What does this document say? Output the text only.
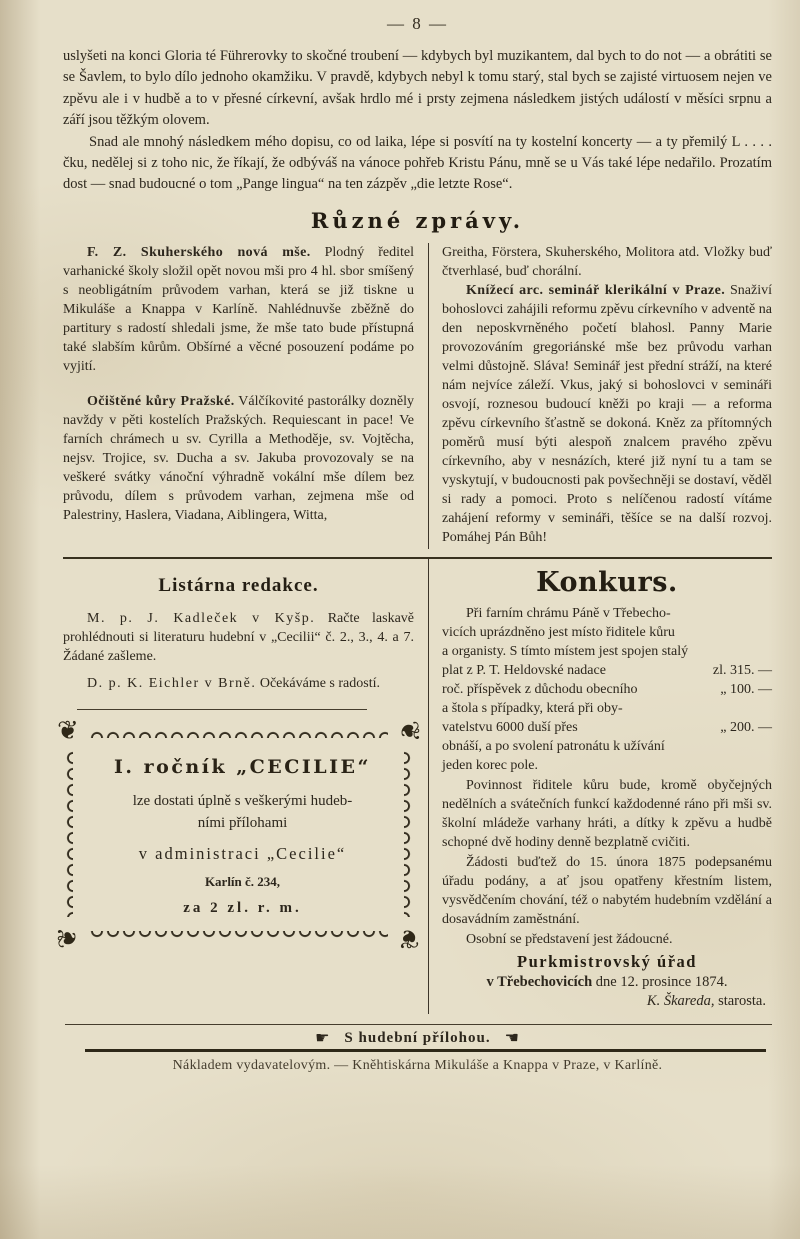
— 8 —

uslyšeti na konci Gloria té Führerovky to skočné troubení — kdybych byl muzikantem, dal bych to do not — a obrátiti se se Šavlem, to bylo dílo jednoho okamžiku. V pravdě, kdybych nebyl k tomu starý, stal bych se zajisté virtuosem nejen ve zpěvu ale i v hudbě a to v přesné církevní, avšak hrdlo mé i prsty zejmena následkem jistých událostí v měsíci srpnu a září jsou těžkým olovem.

Snad ale mnohý následkem mého dopisu, co od laika, lépe si posvítí na ty kostelní koncerty — a ty přemilý L . . . . čku, nedělej si z toho nic, že říkají, že odbýváš na vánoce pohřeb Kristu Pánu, mně se u Vás také lépe nedařilo. Prozatím dost — snad budoucné o tom „Pange lingua“ na ten zázpěv „die letzte Rose“.

Různé zprávy.

F. Z. Skuherského nová mše. Plodný ředitel varhanické školy složil opět novou mši pro 4 hl. sbor smíšený s neobligátním průvodem varhan, která se již tiskne u Mikuláše a Knappa v Karlíně. Nahlédnuvše zběžně do partitury s radostí shledali jsme, že mše tato bude přístupná také slabším kůrům. Obšírné a věcné posouzení podáme po vyjití.

Očištěné kůry Pražské. Válčíkovité pastorálky dozněly navždy v pěti kostelích Pražských. Requiescant in pace! Ve farních chrámech u sv. Cyrilla a Methoděje, sv. Vojtěcha, nejsv. Trojice, sv. Ducha a sv. Jakuba provozovaly se na veškeré svátky vánoční výhradně vokální mše dílem bez průvodu, dílem s průvodem varhan, zejmena mše od Palestriny, Haslera, Viadana, Aiblingera, Witta,

Greitha, Förstera, Skuherského, Molitora atd. Vložky buď čtverhlasé, buď chorální.

Knížecí arc. seminář klerikální v Praze. Snaživí bohoslovci zahájili reformu zpěvu církevního v adventě na den neposkvrněného početí blahosl. Panny Marie provozováním gregoriánské mše bez průvodu varhan velmi důstojně. Sláva! Seminář jest přední stráží, na které nám nejvíce záleží. Vkus, jaký si bohoslovci v semináři osvojí, roznesou budoucí kněži po kraji — a reforma zpěvu církevního šťastně se dokoná. Kněz za přítomných poměrů musí býti alespoň znalcem pravého zpěvu církevního, aby v nesnázích, které již nyní tu a tam se vyskytují, v budoucnosti pak povšechněji se dostaví, věděl si rady a pomoci. Proto s nelíčenou radostí vítáme zahájení reformy v semináři, těšíce se na další rozvoj. Pomáhej Pán Bůh!

Listárna redakce.

M. p. J. Kadleček v Kyšp. Račte laskavě prohlédnouti si literaturu hudební v „Cecilii“ č. 2., 3., 4. a 7. Žádané zašleme.

D. p. K. Eichler v Brně. Očekáváme s radostí.

❦	❦
❦
❦
I. ročník „CECILIE“
lze dostati úplně s veškerými hudeb-
ními přílohami
v administraci „Cecilie“
Karlín č. 234,
za 2 zl. r. m.
Konkurs.
Při farním chrámu Páně v Třebecho-
vicích uprázdněno jest místo řiditele kůru
a organisty. S tímto místem jest spojen stalý
plat z P. T. Heldovské nadace	zl. 315. —
roč. příspěvek z důchodu obecního	„ 100. —
a štola s případky, která při oby-
vatelstvu 6000 duší přes	„ 200. —
obnáší, a po svolení patronátu k užívání
jeden korec pole.

Povinnost řiditele kůru bude, kromě obyčejných nedělních a svátečních funkcí každodenné ráno při mši sv. školní mládeže varhany hráti, a dítky k zpěvu a hudbě schopné dvě hodiny denně bezplatně cvičiti.

Žádosti buďtež do 15. února 1875 podepsanému úřadu podány, a ať jsou opatřeny křestním listem, vysvědčením chování, též o nabytém hudebním vzdělání a dosavádním zaměstnání.

Osobní se představení jest žádoucné.

Purkmistrovský úřad
v Třebechovicích dne 12. prosince 1874.
K. Škareda, starosta.
☛ S hudební přílohou. ☚
Nákladem vydavatelovým. — Kněhtiskárna Mikuláše a Knappa v Praze, v Karlíně.
